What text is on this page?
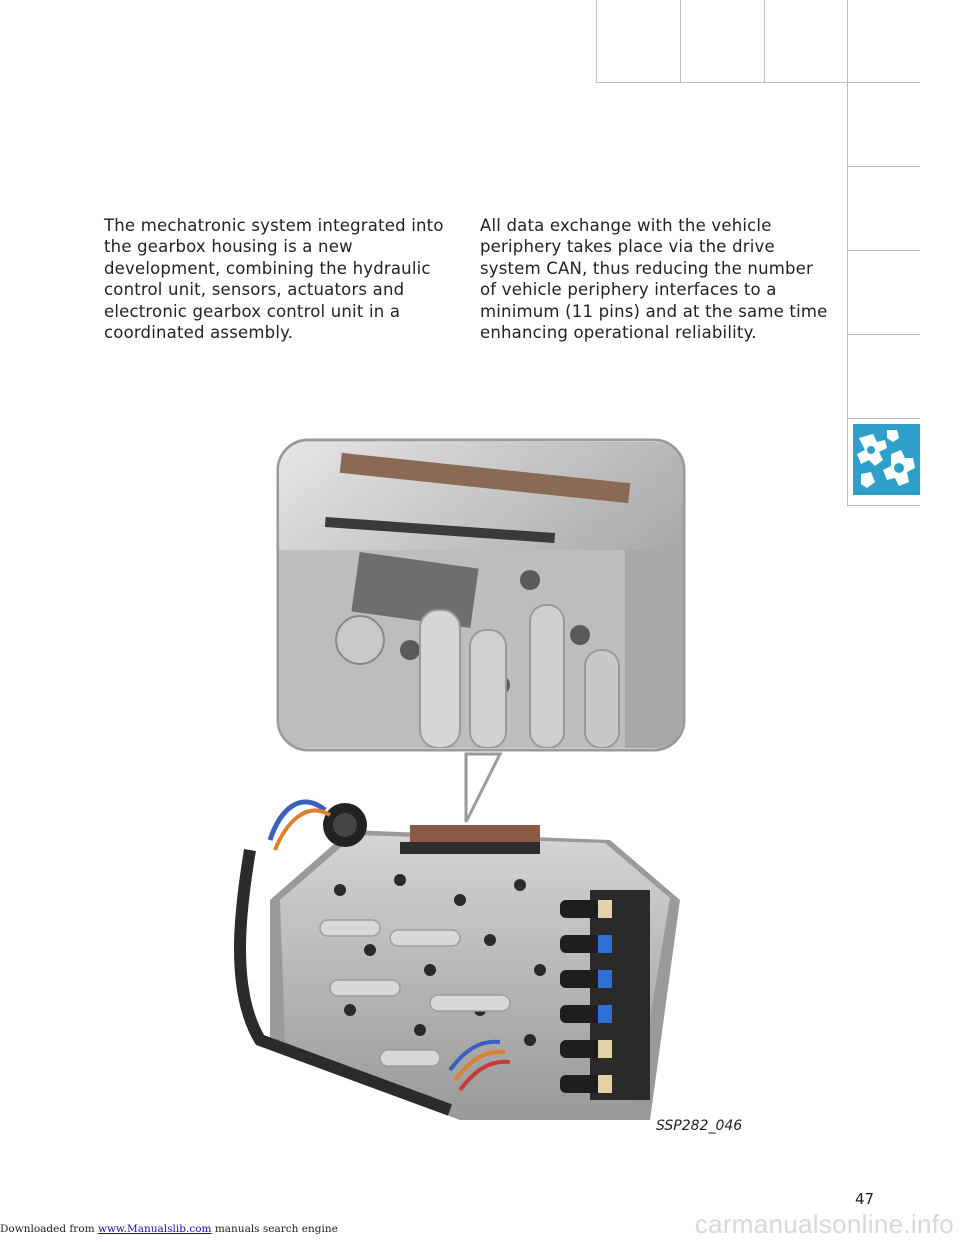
The mechatronic system integrated into the gearbox housing is a new development, combining the hydraulic control unit, sensors, actuators and electronic gearbox control unit in a coordinated assembly.

All data exchange with the vehicle periphery takes place via the drive system CAN, thus reducing the number of vehicle periphery interfaces to a minimum (11 pins) and at the same time enhancing operational reliability.

SSP282_046
47
Downloaded from www.Manualslib.com manuals search engine	carmanualsonline.info
